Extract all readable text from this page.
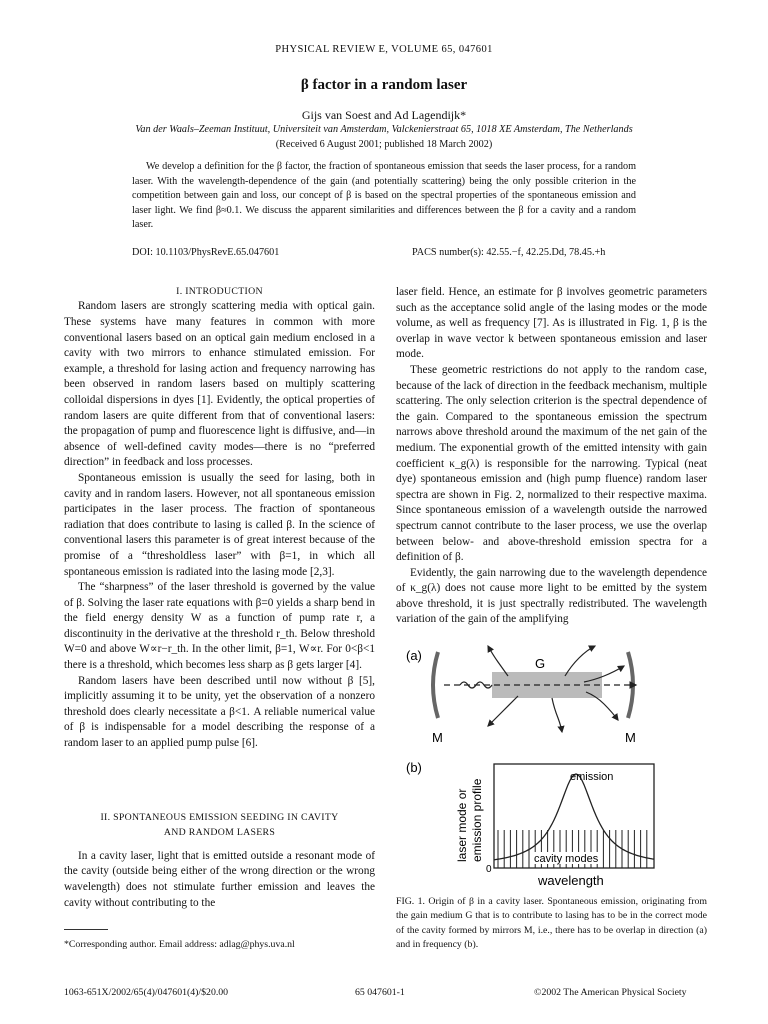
PHYSICAL REVIEW E, VOLUME 65, 047601
β factor in a random laser
Gijs van Soest and Ad Lagendijk*
Van der Waals–Zeeman Instituut, Universiteit van Amsterdam, Valckenierstraat 65, 1018 XE Amsterdam, The Netherlands
(Received 6 August 2001; published 18 March 2002)
We develop a definition for the β factor, the fraction of spontaneous emission that seeds the laser process, for a random laser. With the wavelength-dependence of the gain (and potentially scattering) being the only possible criterion in the competition between gain and loss, our concept of β is based on the spectral properties of the spontaneous emission and laser light. We find β≈0.1. We discuss the apparent similarities and differences between the β for a cavity and a random laser.
DOI: 10.1103/PhysRevE.65.047601	PACS number(s): 42.55.−f, 42.25.Dd, 78.45.+h
I. INTRODUCTION

Random lasers are strongly scattering media with optical gain. These systems have many features in common with more conventional lasers based on an optical gain medium enclosed in a cavity with two mirrors to enhance stimulated emission. For example, a threshold for lasing action and frequency narrowing has been observed in random lasers based on multiply scattering colloidal dispersions in dyes [1]. Evidently, the optical properties of random lasers are quite different from that of conventional lasers: the propagation of pump and fluorescence light is diffusive, and—in absence of well-defined cavity modes—there is no “preferred direction” in feedback and loss processes.

Spontaneous emission is usually the seed for lasing, both in cavity and in random lasers. However, not all spontaneous emission participates in the laser process. The fraction of spontaneous radiation that does contribute to lasing is called β. In the science of conventional lasers this parameter is of great interest because of the promise of a “thresholdless laser” with β=1, in which all spontaneous emission is radiated into the lasing mode [2,3].

The “sharpness” of the laser threshold is governed by the value of β. Solving the laser rate equations with β=0 yields a sharp bend in the field energy density W as a function of pump rate r, a discontinuity in the derivative at the threshold r_th. Below threshold W=0 and above W∝r−r_th. In the other limit, β=1, W∝r. For 0<β<1 there is a threshold, which becomes less sharp as β gets larger [4].

Random lasers have been described until now without β [5], implicitly assuming it to be unity, yet the observation of a nonzero threshold does clearly necessitate a β<1. A reliable numerical value of β is indispensable for a model describing the response of a random laser to an applied pump pulse [6].

II. SPONTANEOUS EMISSION SEEDING IN CAVITY
AND RANDOM LASERS

In a cavity laser, light that is emitted outside a resonant mode of the cavity (outside being either of the wrong direction or the wrong wavelength) does not stimulate further emission and leaves the cavity without contributing to the

*Corresponding author. Email address: adlag@phys.uva.nl

laser field. Hence, an estimate for β involves geometric parameters such as the acceptance solid angle of the lasing modes or the mode volume, as well as frequency [7]. As is illustrated in Fig. 1, β is the overlap in wave vector k between spontaneous emission and laser mode.

These geometric restrictions do not apply to the random case, because of the lack of direction in the feedback mechanism, multiple scattering. The only selection criterion is the spectral dependence of the gain. Compared to the spontaneous emission the spectrum narrows above threshold around the maximum of the net gain of the medium. The exponential growth of the emitted intensity with gain coefficient κ_g(λ) is responsible for the narrowing. Typical (neat dye) spontaneous emission and (high pump fluence) random laser spectra are shown in Fig. 2, normalized to their respective maxima. Since spontaneous emission of a wavelength outside the narrowed spectrum cannot contribute to the laser process, we use the overlap between below- and above-threshold emission spectra for a definition of β.

Evidently, the gain narrowing due to the wavelength dependence of κ_g(λ) does not cause more light to be emitted by the system above threshold, it is just spectrally redistributed. The wavelength variation of the gain of the amplifying

(a)
G
M	M
(b)
laser mode or emission profile
emission
cavity modes
0
wavelength
FIG. 1. Origin of β in a cavity laser. Spontaneous emission, originating from the gain medium G that is to contribute to lasing has to be in the correct mode of the cavity formed by mirrors M, i.e., there has to be overlap in direction (a) and in frequency (b).
1063-651X/2002/65(4)/047601(4)/$20.00	65 047601-1	©2002 The American Physical Society
